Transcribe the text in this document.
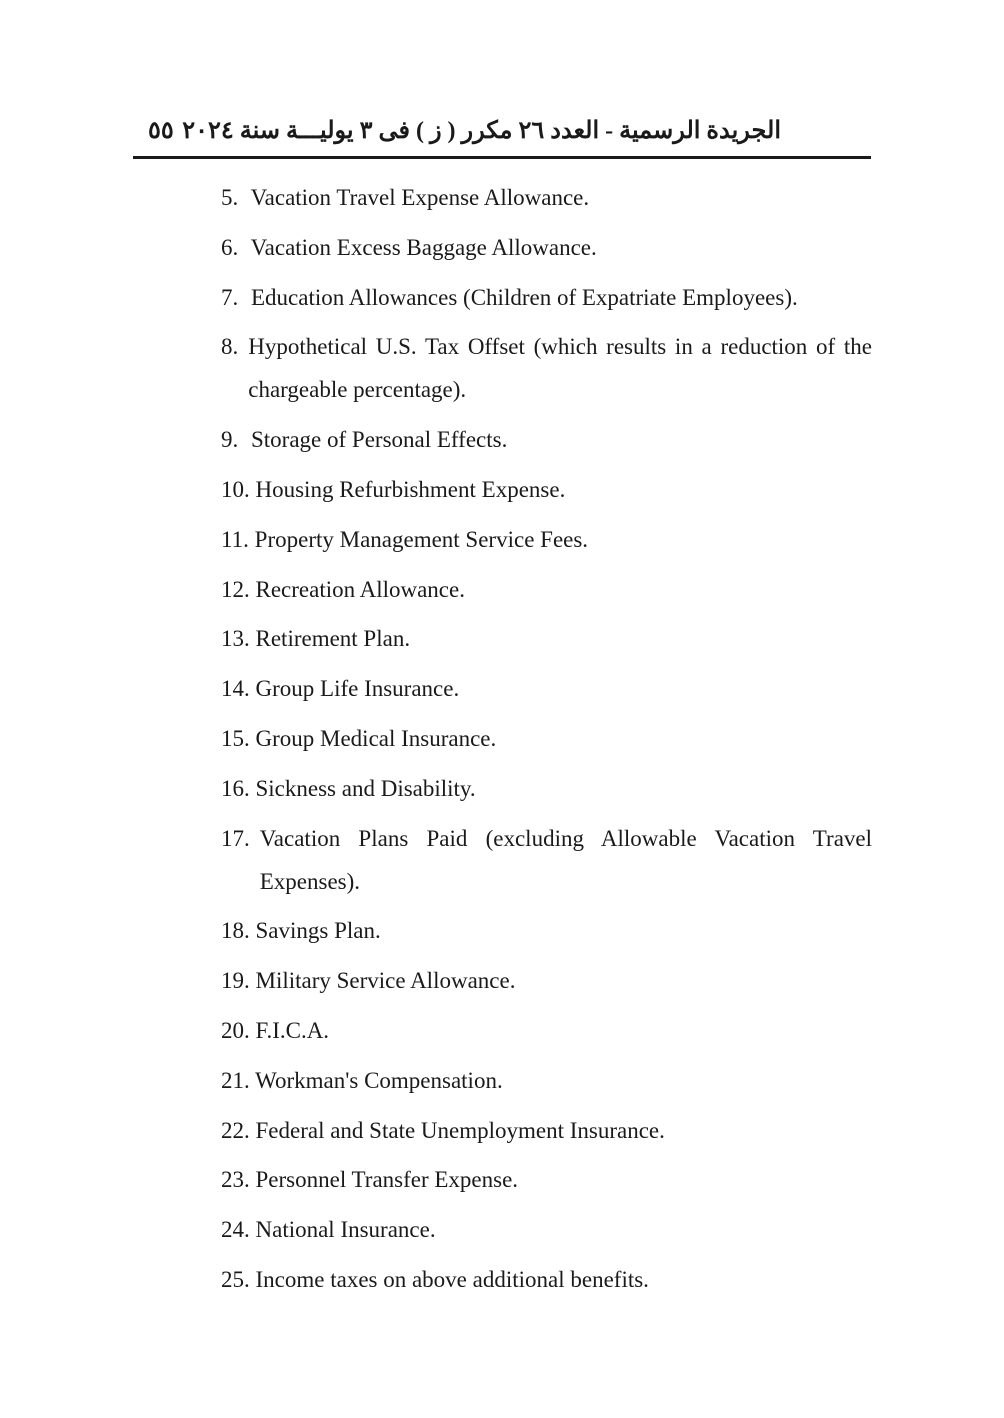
٥٥ الجريدة الرسمية - العدد ٢٦ مكرر ( ز ) فى ٣ يوليـــة سنة ٢٠٢٤
5. Vacation Travel Expense Allowance.
6. Vacation Excess Baggage Allowance.
7. Education Allowances (Children of Expatriate Employees).
8. Hypothetical U.S. Tax Offset (which results in a reduction of the chargeable percentage).
9. Storage of Personal Effects.
10. Housing Refurbishment Expense.
11. Property Management Service Fees.
12. Recreation Allowance.
13. Retirement Plan.
14. Group Life Insurance.
15. Group Medical Insurance.
16. Sickness and Disability.
17. Vacation Plans Paid (excluding Allowable Vacation Travel Expenses).
18. Savings Plan.
19. Military Service Allowance.
20. F.I.C.A.
21. Workman's Compensation.
22. Federal and State Unemployment Insurance.
23. Personnel Transfer Expense.
24. National Insurance.
25. Income taxes on above additional benefits.
